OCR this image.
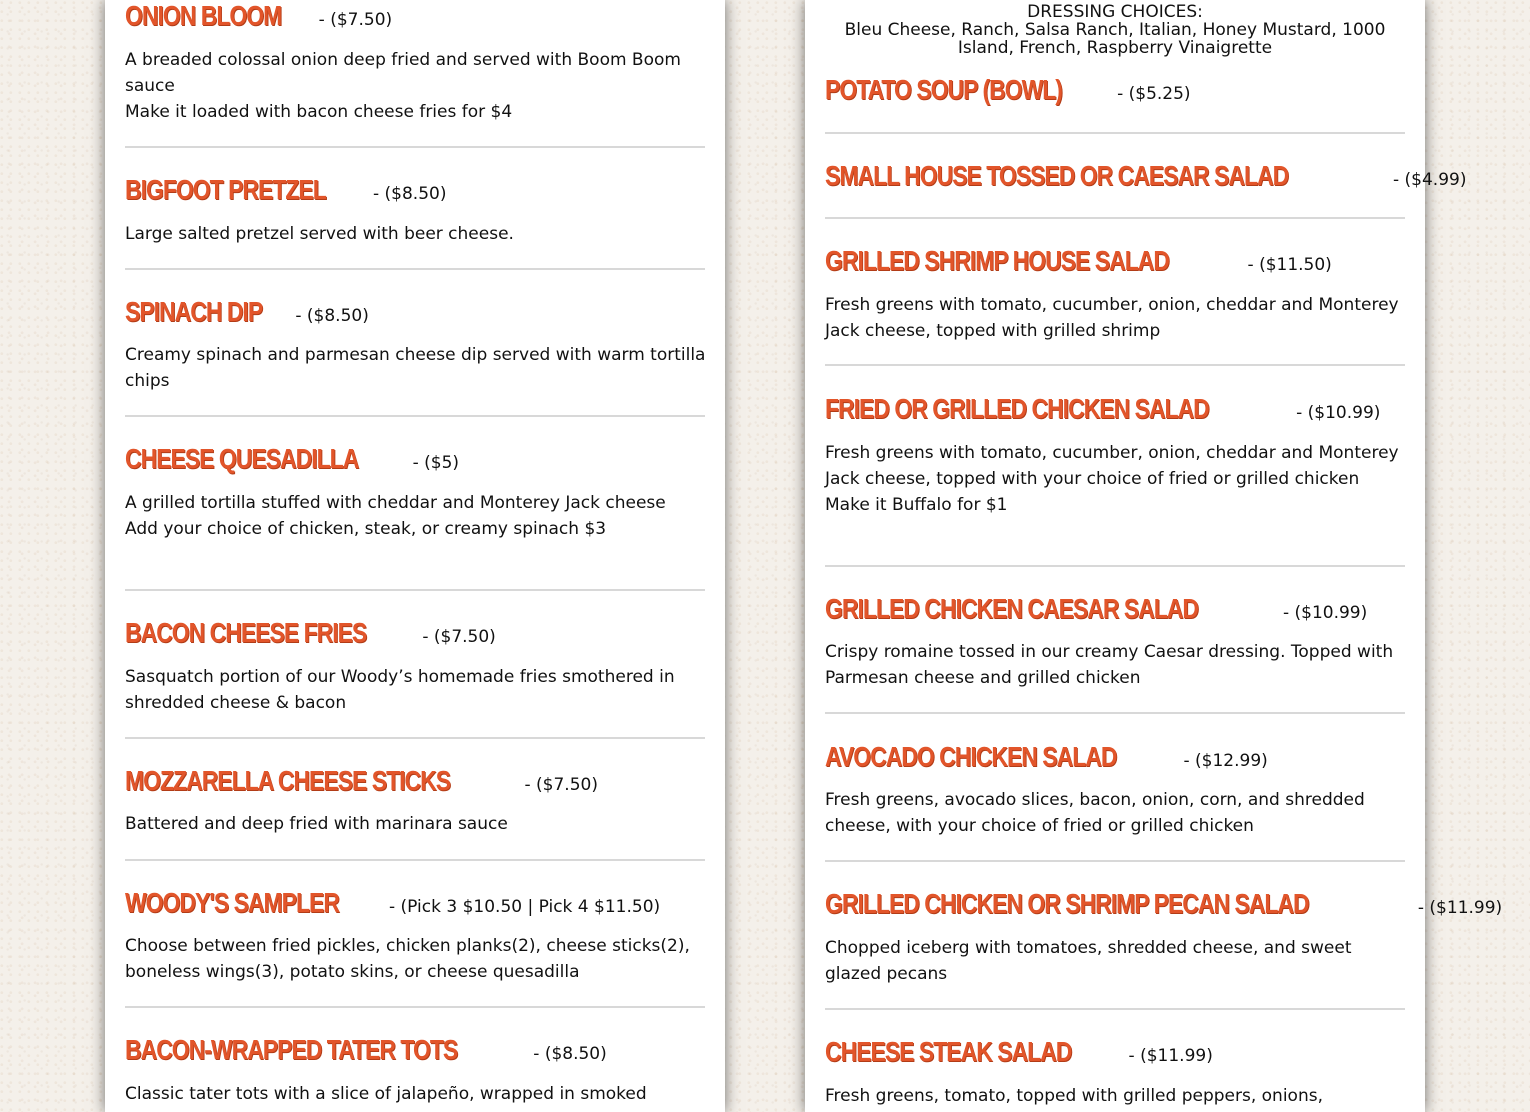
ONION BLOOM - ($7.50)

A breaded colossal onion deep fried and served with Boom Boom sauce

Make it loaded with bacon cheese fries for $4

BIGFOOT PRETZEL	- ($8.50)

Large salted pretzel served with beer cheese.

SPINACH DIP - ($8.50)

Creamy spinach and parmesan cheese dip served with warm tortilla chips

CHEESE QUESADILLA	- ($5)

A grilled tortilla stuffed with cheddar and Monterey Jack cheese

Add your choice of chicken, steak, or creamy spinach $3

BACON CHEESE FRIES	- ($7.50)

Sasquatch portion of our Woody’s homemade fries smothered in shredded cheese & bacon

MOZZARELLA CHEESE STICKS	- ($7.50)

Battered and deep fried with marinara sauce

WOODY'S SAMPLER	- (Pick 3 $10.50 | Pick 4 $11.50)

Choose between fried pickles, chicken planks(2), cheese sticks(2), boneless wings(3), potato skins, or cheese quesadilla

BACON-WRAPPED TATER TOTS	- ($8.50)

Classic tater tots with a slice of jalapeño, wrapped in smoked

DRESSING CHOICES:
Bleu Cheese, Ranch, Salsa Ranch, Italian, Honey Mustard, 1000 Island, French, Raspberry Vinaigrette
POTATO SOUP (BOWL)	- ($5.25)
SMALL HOUSE TOSSED OR CAESAR SALAD	- ($4.99)
GRILLED SHRIMP HOUSE SALAD	- ($11.50)

Fresh greens with tomato, cucumber, onion, cheddar and Monterey Jack cheese, topped with grilled shrimp

FRIED OR GRILLED CHICKEN SALAD	- ($10.99)

Fresh greens with tomato, cucumber, onion, cheddar and Monterey Jack cheese, topped with your choice of fried or grilled chicken

Make it Buffalo for $1

GRILLED CHICKEN CAESAR SALAD	- ($10.99)

Crispy romaine tossed in our creamy Caesar dressing. Topped with Parmesan cheese and grilled chicken

AVOCADO CHICKEN SALAD	- ($12.99)

Fresh greens, avocado slices, bacon, onion, corn, and shredded cheese, with your choice of fried or grilled chicken

GRILLED CHICKEN OR SHRIMP PECAN SALAD	- ($11.99)

Chopped iceberg with tomatoes, shredded cheese, and sweet glazed pecans

CHEESE STEAK SALAD	- ($11.99)

Fresh greens, tomato, topped with grilled peppers, onions,
